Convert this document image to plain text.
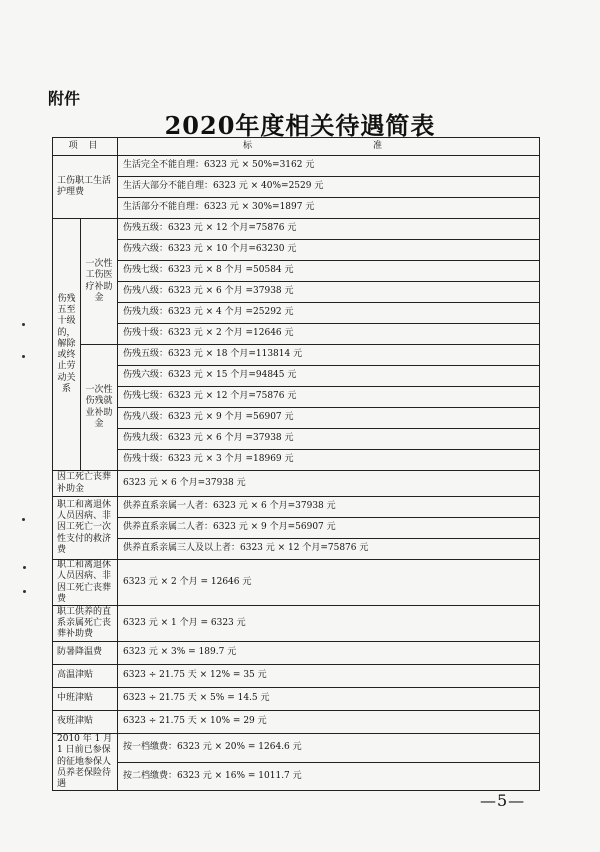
附件
2020年度相关待遇简表
项 目		标 准

工伤职工生活护理费		生活完全不能自理：6323 元 × 50%=3162 元
		生活大部分不能自理：6323 元 × 40%=2529 元
		生活部分不能自理：6323 元 × 30%=1897 元
伤残五至十级的，解除或终止劳动关系	一次性工伤医疗补助金	伤残五级：6323 元 × 12 个月=75876 元
		伤残六级：6323 元 × 10 个月=63230 元
		伤残七级：6323 元 × 8 个月 =50584 元
		伤残八级：6323 元 × 6 个月 =37938 元
		伤残九级：6323 元 × 4 个月 =25292 元
		伤残十级：6323 元 × 2 个月 =12646 元
	一次性伤残就业补助金	伤残五级：6323 元 × 18 个月=113814 元
		伤残六级：6323 元 × 15 个月=94845 元
		伤残七级：6323 元 × 12 个月=75876 元
		伤残八级：6323 元 × 9 个月 =56907 元
		伤残九级：6323 元 × 6 个月 =37938 元
		伤残十级：6323 元 × 3 个月 =18969 元
因工死亡丧葬补助金		6323 元 × 6 个月=37938 元
职工和离退休人员因病、非因工死亡一次性支付的救济费		供养直系亲属一人者：6323 元 × 6 个月=37938 元
		供养直系亲属二人者：6323 元 × 9 个月=56907 元
		供养直系亲属三人及以上者：6323 元 × 12 个月=75876 元
职工和离退休人员因病、非因工死亡丧葬费		6323 元 × 2 个月 = 12646 元
职工供养的直系亲属死亡丧葬补助费		6323 元 × 1 个月 = 6323 元
防暑降温费		6323 元 × 3% = 189.7 元
高温津贴		6323 ÷ 21.75 天 × 12% = 35 元
中班津贴		6323 ÷ 21.75 天 × 5% = 14.5 元
夜班津贴		6323 ÷ 21.75 天 × 10% = 29 元
2010 年 1 月 1 日前已参保的征地参保人员养老保险待遇		按一档缴费：6323 元 × 20% = 1264.6 元
		按二档缴费：6323 元 × 16% = 1011.7 元
—5—
